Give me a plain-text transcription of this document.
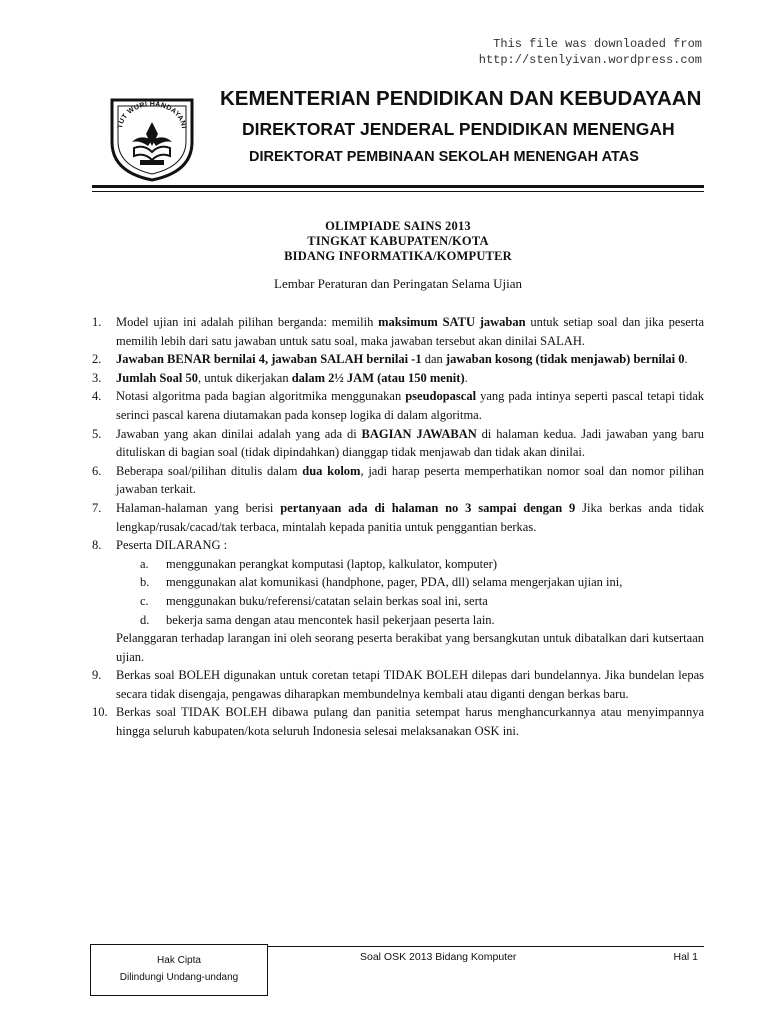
This file was downloaded from
http://stenlyivan.wordpress.com
TUT WURI HANDAYANI
KEMENTERIAN PENDIDIKAN DAN KEBUDAYAAN
DIREKTORAT JENDERAL PENDIDIKAN MENENGAH
DIREKTORAT PEMBINAAN SEKOLAH MENENGAH ATAS
OLIMPIADE SAINS 2013
TINGKAT KABUPATEN/KOTA
BIDANG INFORMATIKA/KOMPUTER
Lembar Peraturan dan Peringatan Selama Ujian
1.	Model ujian ini adalah pilihan berganda: memilih maksimum SATU jawaban untuk setiap soal dan jika peserta memilih lebih dari satu jawaban untuk satu soal, maka jawaban tersebut akan dinilai SALAH.
2.	Jawaban BENAR bernilai 4, jawaban SALAH bernilai -1 dan jawaban kosong (tidak menjawab) bernilai 0.
3.	Jumlah Soal 50, untuk dikerjakan dalam 2½ JAM (atau 150 menit).
4.	Notasi algoritma pada bagian algoritmika menggunakan pseudopascal yang pada intinya seperti pascal tetapi tidak serinci pascal karena diutamakan pada konsep logika di dalam algoritma.
5.	Jawaban yang akan dinilai adalah yang ada di BAGIAN JAWABAN di halaman kedua. Jadi jawaban yang baru dituliskan di bagian soal (tidak dipindahkan) dianggap tidak menjawab dan tidak akan dinilai.
6.	Beberapa soal/pilihan ditulis dalam dua kolom, jadi harap peserta memperhatikan nomor soal dan nomor pilihan jawaban terkait.
7.	Halaman-halaman yang berisi pertanyaan ada di halaman no 3 sampai dengan 9 Jika berkas anda tidak lengkap/rusak/cacad/tak terbaca, mintalah kepada panitia untuk penggantian berkas.
8.	Peserta DILARANG :
a.	menggunakan perangkat komputasi (laptop, kalkulator, komputer)
b.	menggunakan alat komunikasi (handphone, pager, PDA, dll) selama mengerjakan ujian ini,
c.	menggunakan buku/referensi/catatan selain berkas soal ini, serta
d.	bekerja sama dengan atau mencontek hasil pekerjaan peserta lain.
Pelanggaran terhadap larangan ini oleh seorang peserta berakibat yang bersangkutan untuk dibatalkan dari kutsertaan ujian.
9.	Berkas soal BOLEH digunakan untuk coretan tetapi TIDAK BOLEH dilepas dari bundelannya. Jika bundelan lepas secara tidak disengaja, pengawas diharapkan membundelnya kembali atau diganti dengan berkas baru.
10. Berkas soal TIDAK BOLEH dibawa pulang dan panitia setempat harus menghancurkannya atau menyimpannya hingga seluruh kabupaten/kota seluruh Indonesia selesai melaksanakan OSK ini.
Hak Cipta
Dilindungi Undang-undang
Soal OSK 2013 Bidang Komputer	Hal 1
